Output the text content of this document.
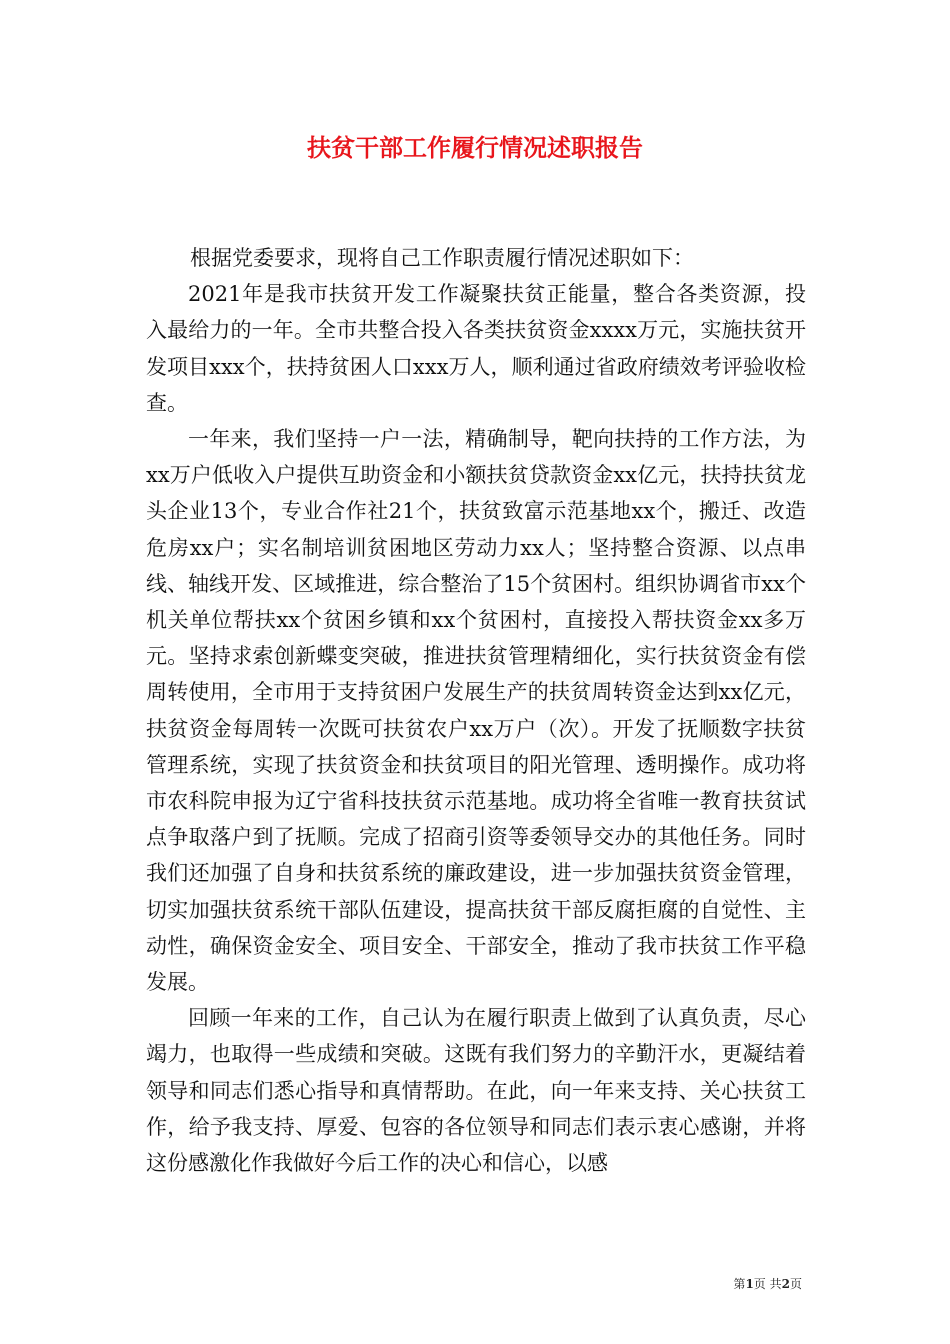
扶贫干部工作履行情况述职报告

根据党委要求，现将自己工作职责履行情况述职如下：

2021年是我市扶贫开发工作凝聚扶贫正能量，整合各类资源，投入最给力的一年。全市共整合投入各类扶贫资金xxxx万元，实施扶贫开发项目xxx个，扶持贫困人口xxx万人，顺利通过省政府绩效考评验收检查。

一年来，我们坚持一户一法，精确制导，靶向扶持的工作方法，为xx万户低收入户提供互助资金和小额扶贫贷款资金xx亿元，扶持扶贫龙头企业13个，专业合作社21个，扶贫致富示范基地xx个，搬迁、改造危房xx户；实名制培训贫困地区劳动力xx人；坚持整合资源、以点串线、轴线开发、区域推进，综合整治了15个贫困村。组织协调省市xx个机关单位帮扶xx个贫困乡镇和xx个贫困村，直接投入帮扶资金xx多万元。坚持求索创新蝶变突破，推进扶贫管理精细化，实行扶贫资金有偿周转使用，全市用于支持贫困户发展生产的扶贫周转资金达到xx亿元，扶贫资金每周转一次既可扶贫农户xx万户（次）。开发了抚顺数字扶贫管理系统，实现了扶贫资金和扶贫项目的阳光管理、透明操作。成功将市农科院申报为辽宁省科技扶贫示范基地。成功将全省唯一教育扶贫试点争取落户到了抚顺。完成了招商引资等委领导交办的其他任务。同时我们还加强了自身和扶贫系统的廉政建设，进一步加强扶贫资金管理，切实加强扶贫系统干部队伍建设，提高扶贫干部反腐拒腐的自觉性、主动性，确保资金安全、项目安全、干部安全，推动了我市扶贫工作平稳发展。

回顾一年来的工作，自己认为在履行职责上做到了认真负责，尽心竭力，也取得一些成绩和突破。这既有我们努力的辛勤汗水，更凝结着领导和同志们悉心指导和真情帮助。在此，向一年来支持、关心扶贫工作，给予我支持、厚爱、包容的各位领导和同志们表示衷心感谢，并将这份感激化作我做好今后工作的决心和信心，以感

第1页 共2页
